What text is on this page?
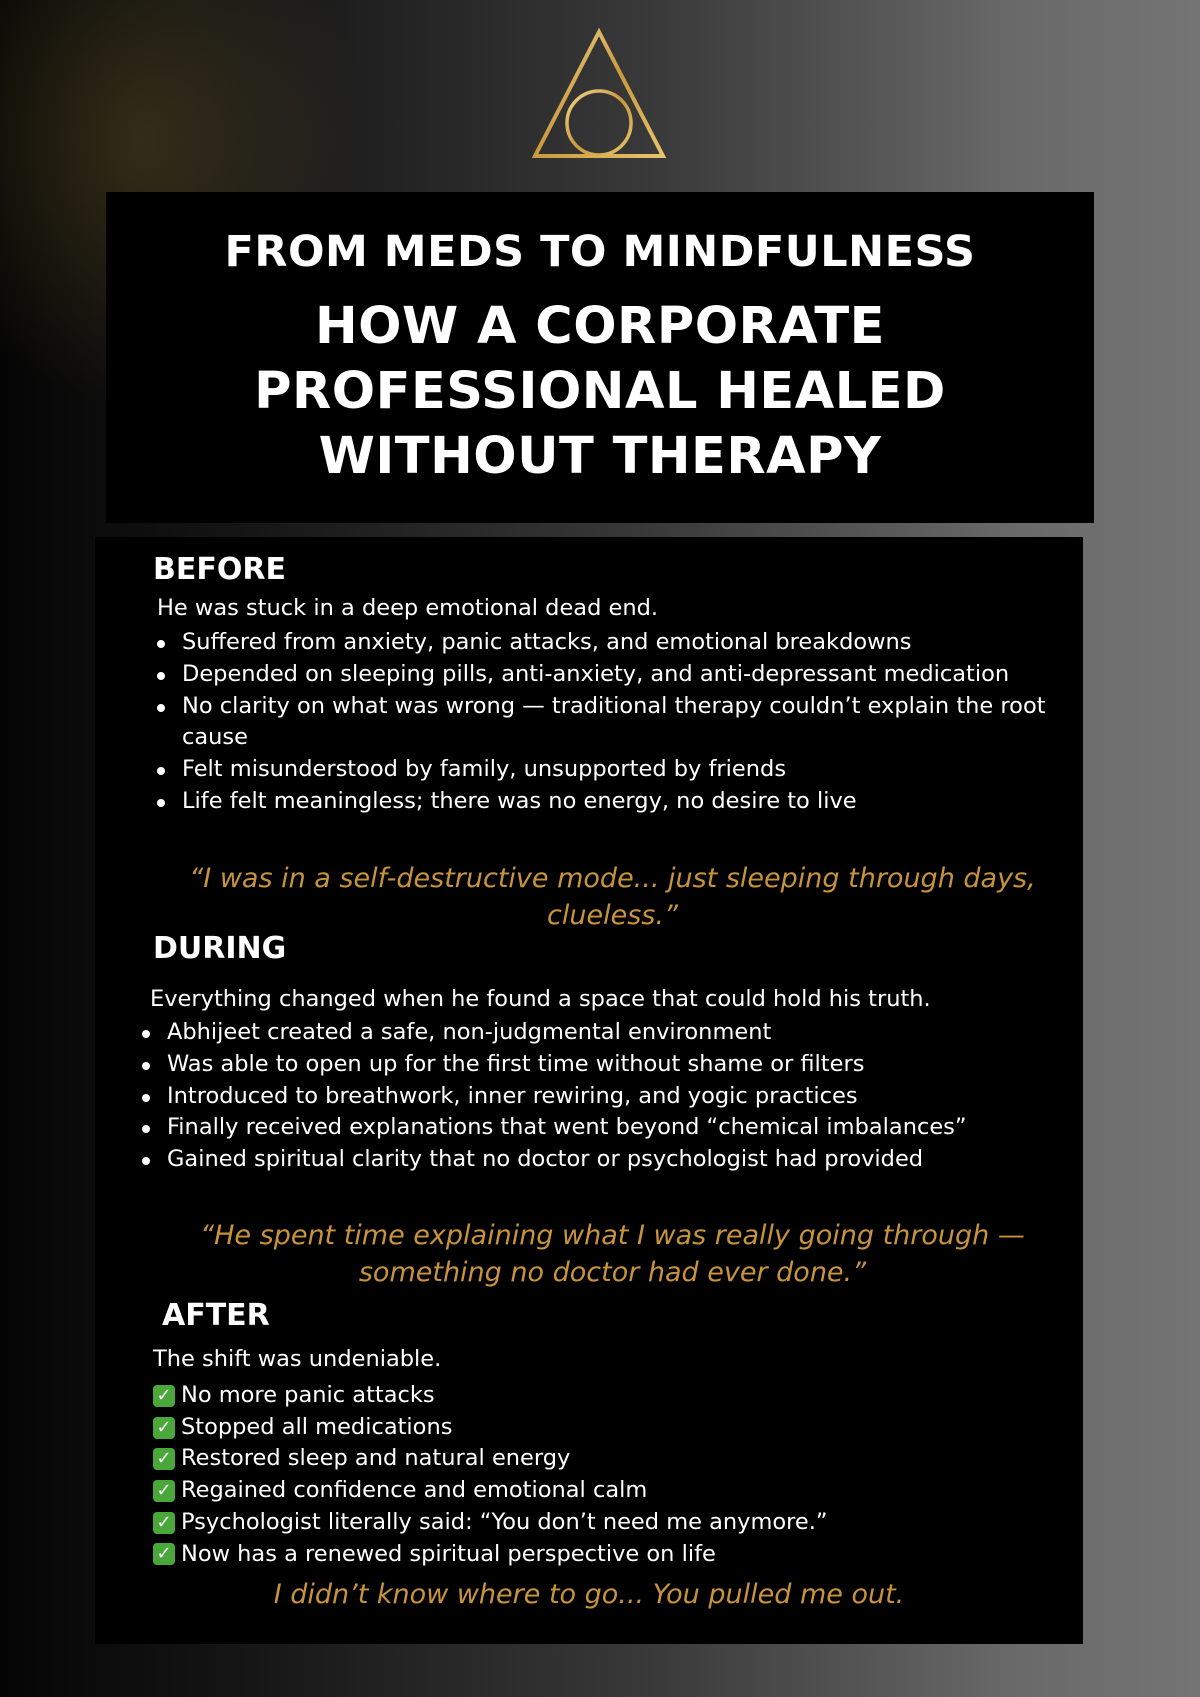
FROM MEDS TO MINDFULNESS
HOW A CORPORATE
PROFESSIONAL HEALED
WITHOUT THERAPY
BEFORE

He was stuck in a deep emotional dead end.

Suffered from anxiety, panic attacks, and emotional breakdowns
Depended on sleeping pills, anti-anxiety, and anti-depressant medication
No clarity on what was wrong — traditional therapy couldn’t explain the root cause
Felt misunderstood by family, unsupported by friends
Life felt meaningless; there was no energy, no desire to live

“I was in a self-destructive mode... just sleeping through days, clueless.”

DURING

Everything changed when he found a space that could hold his truth.

Abhijeet created a safe, non-judgmental environment
Was able to open up for the first time without shame or filters
Introduced to breathwork, inner rewiring, and yogic practices
Finally received explanations that went beyond “chemical imbalances”
Gained spiritual clarity that no doctor or psychologist had provided

“He spent time explaining what I was really going through — something no doctor had ever done.”

AFTER

The shift was undeniable.

✓ No more panic attacks
✓ Stopped all medications
✓ Restored sleep and natural energy
✓ Regained confidence and emotional calm
✓ Psychologist literally said: “You don’t need me anymore.”
✓ Now has a renewed spiritual perspective on life

I didn’t know where to go... You pulled me out.
